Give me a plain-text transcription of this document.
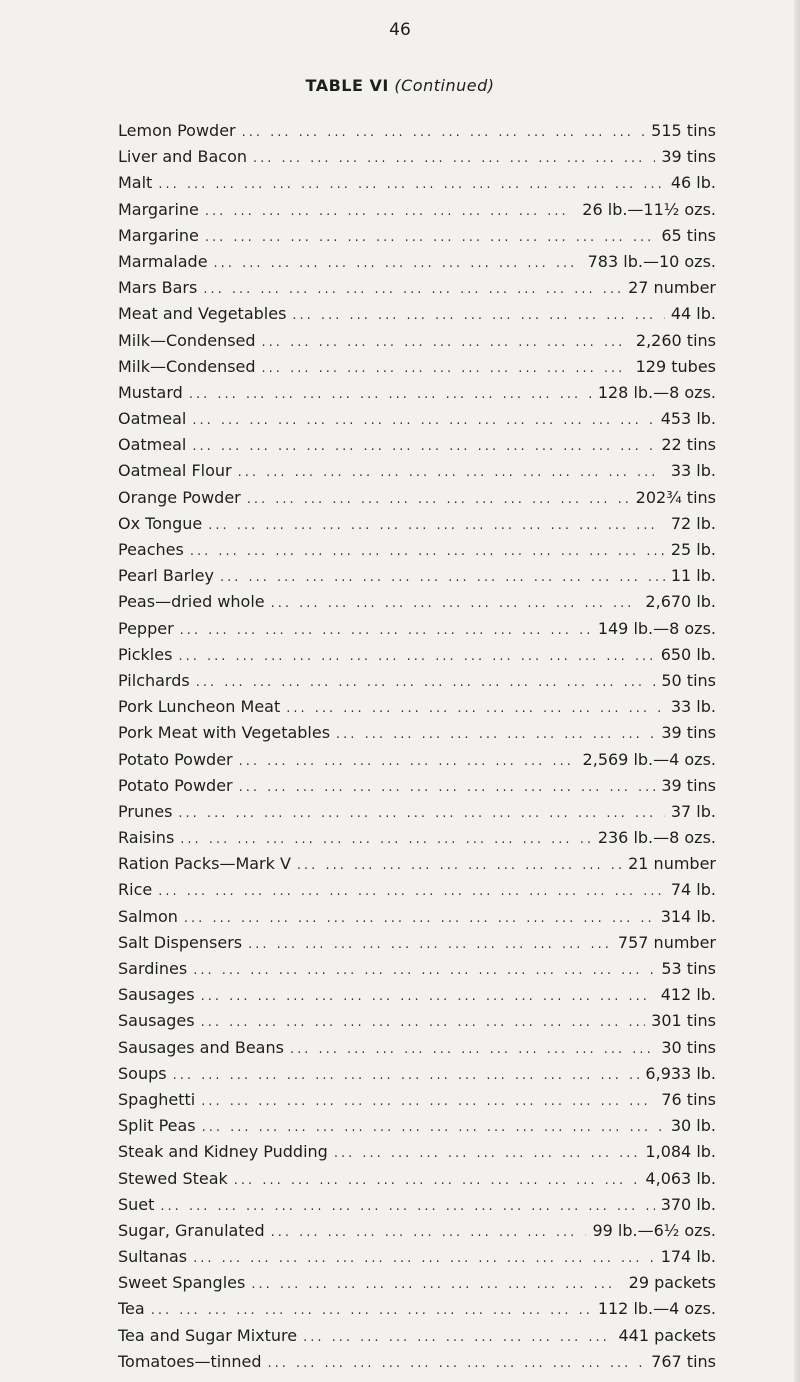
46
TABLE VI (Continued)
Lemon Powder ... .	515 tins
Liver and Bacon ... .	39 tins
Malt ... .	46 lb.
Margarine ... .	26 lb.—11½ ozs.
Margarine ... .	65 tins
Marmalade ... .	783 lb.—10 ozs.
Mars Bars ... .	27 number
Meat and Vegetables ... .	44 lb.
Milk—Condensed ... .	2,260 tins
Milk—Condensed ... .	129 tubes
Mustard ... .	128 lb.—8 ozs.
Oatmeal ... .	453 lb.
Oatmeal ... .	22 tins
Oatmeal Flour ... .	33 lb.
Orange Powder ... .	202¾ tins
Ox Tongue ... .	72 lb.
Peaches ... .	25 lb.
Pearl Barley ... .	11 lb.
Peas—dried whole ... .	2,670 lb.
Pepper ... .	149 lb.—8 ozs.
Pickles ... .	650 lb.
Pilchards ... .	50 tins
Pork Luncheon Meat ... .	33 lb.
Pork Meat with Vegetables ... .	39 tins
Potato Powder ... .	2,569 lb.—4 ozs.
Potato Powder ... .	39 tins
Prunes ... .	37 lb.
Raisins ... .	236 lb.—8 ozs.
Ration Packs—Mark V ... .	21 number
Rice ... .	74 lb.
Salmon ... .	314 lb.
Salt Dispensers ... .	757 number
Sardines ... .	53 tins
Sausages ... .	412 lb.
Sausages ... .	301 tins
Sausages and Beans ... .	30 tins
Soups ... .	6,933 lb.
Spaghetti ... .	76 tins
Split Peas ... .	30 lb.
Steak and Kidney Pudding ... .	1,084 lb.
Stewed Steak ... .	4,063 lb.
Suet ... .	370 lb.
Sugar, Granulated ... .	99 lb.—6½ ozs.
Sultanas ... .	174 lb.
Sweet Spangles ... .	29 packets
Tea ... .	112 lb.—4 ozs.
Tea and Sugar Mixture ... .	441 packets
Tomatoes—tinned ... .	767 tins
